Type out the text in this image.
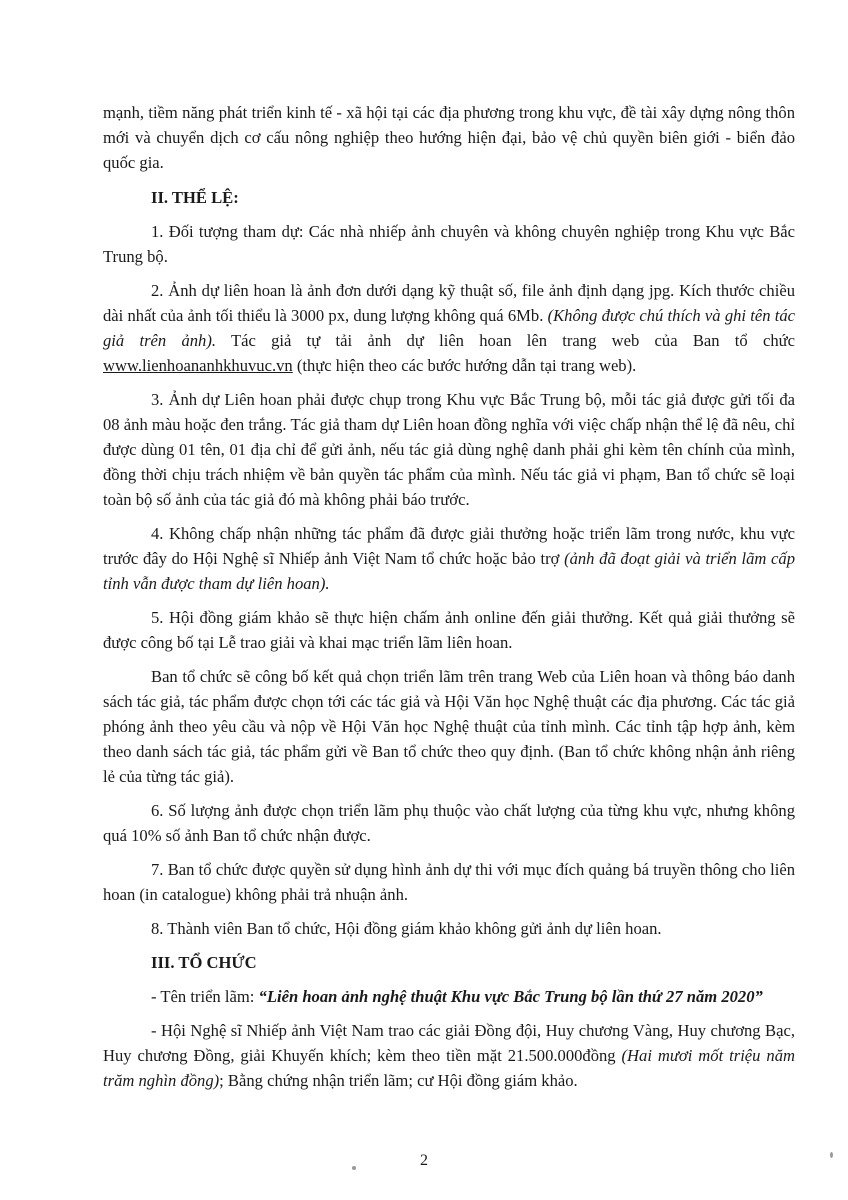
mạnh, tiềm năng phát triển kinh tế - xã hội tại các địa phương trong khu vực, đề tài xây dựng nông thôn mới và chuyển dịch cơ cấu nông nghiệp theo hướng hiện đại, bảo vệ chủ quyền biên giới - biển đảo quốc gia.

II. THỂ LỆ:

1. Đối tượng tham dự: Các nhà nhiếp ảnh chuyên và không chuyên nghiệp trong Khu vực Bắc Trung bộ.

2. Ảnh dự liên hoan là ảnh đơn dưới dạng kỹ thuật số, file ảnh định dạng jpg. Kích thước chiều dài nhất của ảnh tối thiểu là 3000 px, dung lượng không quá 6Mb. (Không được chú thích và ghi tên tác giả trên ảnh). Tác giả tự tải ảnh dự liên hoan lên trang web của Ban tổ chức www.lienhoananhkhuvuc.vn (thực hiện theo các bước hướng dẫn tại trang web).

3. Ảnh dự Liên hoan phải được chụp trong Khu vực Bắc Trung bộ, mỗi tác giả được gửi tối đa 08 ảnh màu hoặc đen trắng. Tác giả tham dự Liên hoan đồng nghĩa với việc chấp nhận thể lệ đã nêu, chỉ được dùng 01 tên, 01 địa chỉ để gửi ảnh, nếu tác giả dùng nghệ danh phải ghi kèm tên chính của mình, đồng thời chịu trách nhiệm về bản quyền tác phẩm của mình. Nếu tác giả vi phạm, Ban tổ chức sẽ loại toàn bộ số ảnh của tác giả đó mà không phải báo trước.

4. Không chấp nhận những tác phẩm đã được giải thưởng hoặc triển lãm trong nước, khu vực trước đây do Hội Nghệ sĩ Nhiếp ảnh Việt Nam tổ chức hoặc bảo trợ (ảnh đã đoạt giải và triển lãm cấp tỉnh vẫn được tham dự liên hoan).

5. Hội đồng giám khảo sẽ thực hiện chấm ảnh online đến giải thưởng. Kết quả giải thưởng sẽ được công bố tại Lễ trao giải và khai mạc triển lãm liên hoan.

Ban tổ chức sẽ công bố kết quả chọn triển lãm trên trang Web của Liên hoan và thông báo danh sách tác giả, tác phẩm được chọn tới các tác giả và Hội Văn học Nghệ thuật các địa phương. Các tác giả phóng ảnh theo yêu cầu và nộp về Hội Văn học Nghệ thuật của tỉnh mình. Các tỉnh tập hợp ảnh, kèm theo danh sách tác giả, tác phẩm gửi về Ban tổ chức theo quy định. (Ban tổ chức không nhận ảnh riêng lẻ của từng tác giả).

6. Số lượng ảnh được chọn triển lãm phụ thuộc vào chất lượng của từng khu vực, nhưng không quá 10% số ảnh Ban tổ chức nhận được.

7. Ban tổ chức được quyền sử dụng hình ảnh dự thi với mục đích quảng bá truyền thông cho liên hoan (in catalogue) không phải trả nhuận ảnh.

8. Thành viên Ban tổ chức, Hội đồng giám khảo không gửi ảnh dự liên hoan.

III. TỔ CHỨC

- Tên triển lãm: “Liên hoan ảnh nghệ thuật Khu vực Bắc Trung bộ lần thứ 27 năm 2020”

- Hội Nghệ sĩ Nhiếp ảnh Việt Nam trao các giải Đồng đội, Huy chương Vàng, Huy chương Bạc, Huy chương Đồng, giải Khuyến khích; kèm theo tiền mặt 21.500.000đồng (Hai mươi mốt triệu năm trăm nghìn đồng); Bằng chứng nhận triển lãm; cư Hội đồng giám khảo.

2
